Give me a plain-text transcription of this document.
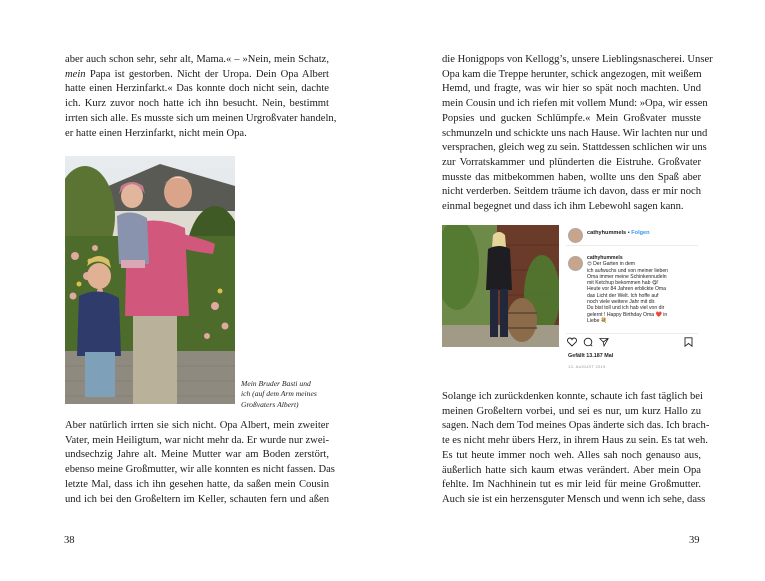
aber auch schon sehr, sehr alt, Mama.« – »Nein, mein Schatz,
mein Papa ist gestorben. Nicht der Uropa. Dein Opa Albert
hatte einen Herzinfarkt.« Das konnte doch nicht sein, dachte
ich. Kurz zuvor noch hatte ich ihn besucht. Nein, bestimmt
irrten sich alle. Es musste sich um meinen Urgroßvater handeln,
er hatte einen Herzinfarkt, nicht mein Opa.
Mein Bruder Basti und
ich (auf dem Arm meines
Großvaters Albert)
Aber natürlich irrten sie sich nicht. Opa Albert, mein zweiter
Vater, mein Heiligtum, war nicht mehr da. Er wurde nur zwei-
undsechzig Jahre alt. Meine Mutter war am Boden zerstört,
ebenso meine Großmutter, wir alle konnten es nicht fassen. Das
letzte Mal, dass ich ihn gesehen hatte, da saßen mein Cousin
und ich bei den Großeltern im Keller, schauten fern und aßen
38
die Honigpops von Kellogg’s, unsere Lieblingsnascherei. Unser
Opa kam die Treppe herunter, schick angezogen, mit weißem
Hemd, und fragte, was wir hier so spät noch machten. Und
mein Cousin und ich riefen mit vollem Mund: »Opa, wir essen
Popsies und gucken Schlümpfe.« Mein Großvater musste
schmunzeln und schickte uns nach Hause. Wir lachten nur und
versprachen, gleich weg zu sein. Stattdessen schlichen wir uns
zur Vorratskammer und plünderten die Eistruhe. Großvater
musste das mitbekommen haben, wollte uns den Spaß aber
nicht verderben. Seitdem träume ich davon, dass er mir noch
einmal begegnet und dass ich ihm Lebewohl sagen kann.
cathyhummels • Folgen
cathyhummels
😍 Der Garten in dem
ich aufwuchs und von meiner lieben
Oma immer meine Schinkennudeln
mit Ketchup bekommen hab 😋!
Heute vor 84 Jahren erblickte Oma
das Licht der Welt. Ich hoffe auf
noch viele weitere Jahr mit dir.
Du bist toll und ich hab viel von dir
gelernt ! Happy Birthday Oma ❤️ in
Liebe 💐
Gefällt 13.187 Mal
13. AUGUST 2019
Solange ich zurückdenken konnte, schaute ich fast täglich bei
meinen Großeltern vorbei, und sei es nur, um kurz Hallo zu
sagen. Nach dem Tod meines Opas änderte sich das. Ich brach-
te es nicht mehr übers Herz, in ihrem Haus zu sein. Es tat weh.
Es tut heute immer noch weh. Alles sah noch genauso aus,
äußerlich hatte sich kaum etwas verändert. Aber mein Opa
fehlte. Im Nachhinein tut es mir leid für meine Großmutter.
Auch sie ist ein herzensguter Mensch und wenn ich sehe, dass
39
